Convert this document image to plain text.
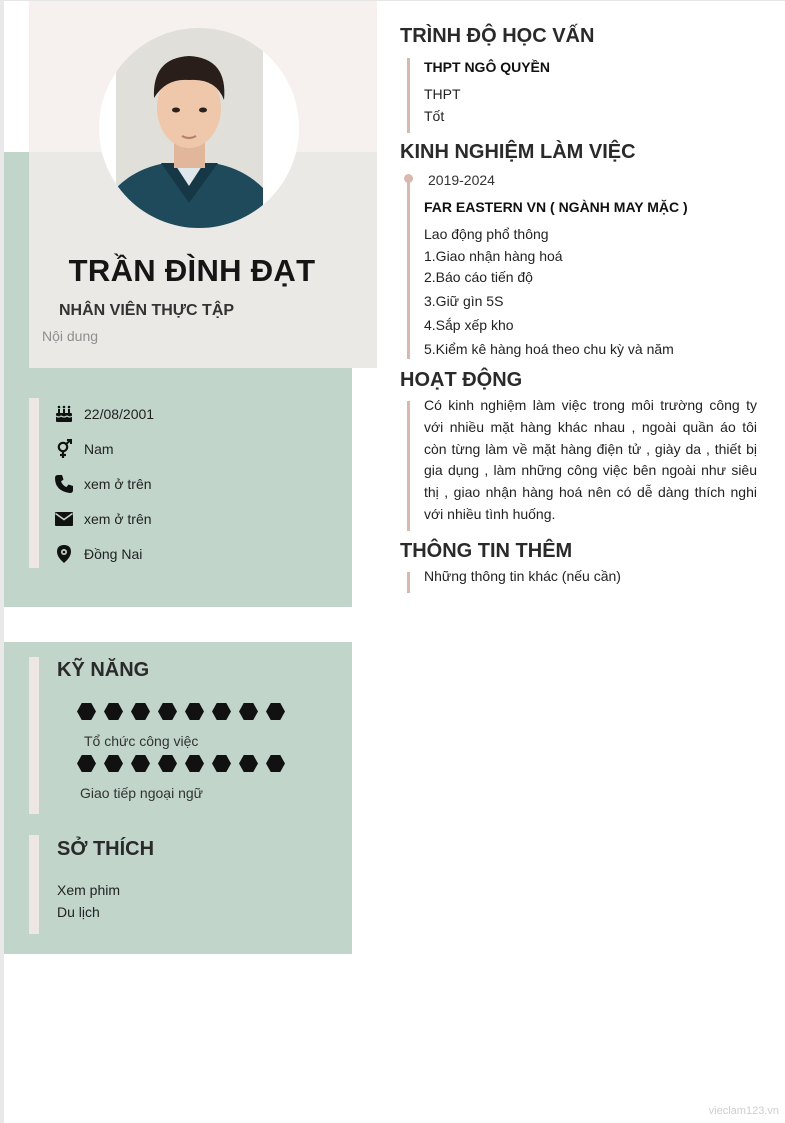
TRẦN ĐÌNH ĐẠT
NHÂN VIÊN THỰC TẬP
Nội dung
22/08/2001
Nam
xem ở trên
xem ở trên
Đồng Nai
KỸ NĂNG
Tổ chức công việc
Giao tiếp ngoại ngữ
SỞ THÍCH
Xem phim
Du lịch
TRÌNH ĐỘ HỌC VẤN
THPT NGÔ QUYỀN
THPT
Tốt
KINH NGHIỆM LÀM VIỆC
2019-2024
FAR EASTERN VN ( NGÀNH MAY MẶC )
Lao động phổ thông
1.Giao nhận hàng hoá
2.Báo cáo tiến độ
3.Giữ gìn 5S
4.Sắp xếp kho
5.Kiểm kê hàng hoá theo chu kỳ và năm
HOẠT ĐỘNG
Có kinh nghiệm làm việc trong môi trường công ty với nhiều mặt hàng khác nhau , ngoài quần áo tôi còn từng làm về mặt hàng điện tử , giày da , thiết bị gia dụng , làm những công việc bên ngoài như siêu thị , giao nhận hàng hoá nên có dễ dàng thích nghi với nhiều tình huống.
THÔNG TIN THÊM
Những thông tin khác (nếu cần)
vieclam123.vn
